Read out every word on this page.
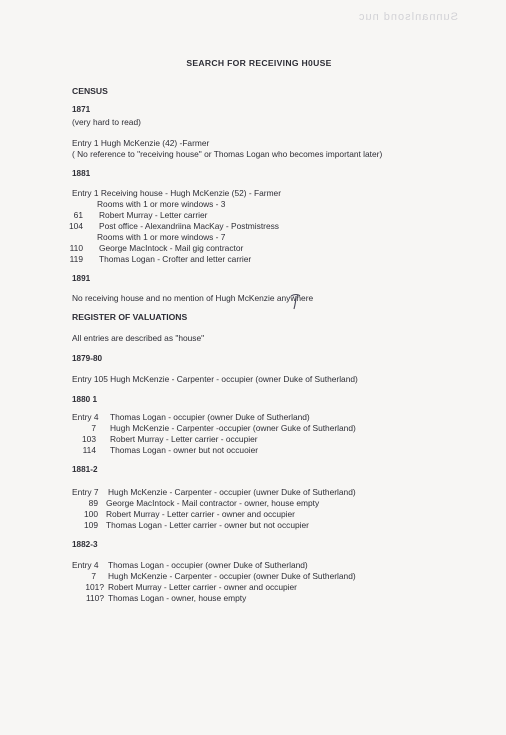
Sunnanlsond nuc
SEARCH FOR RECEIVING H0USE
CENSUS
1871
(very hard to read)
Entry 1 Hugh McKenzie (42) -Farmer
( No reference to "receiving house" or Thomas Logan who becomes important later)
1881
Entry 1 Receiving house - Hugh McKenzie (52) - Farmer
Rooms with 1 or more windows - 3
61 Robert Murray - Letter carrier
104 Post office - Alexandriina MacKay - Postmistress
Rooms with 1 or more windows - 7
110 George MacIntock - Mail gig contractor
119 Thomas Logan - Crofter and letter carrier
1891
No receiving house and no mention of Hugh McKenzie anywhere
REGISTER OF VALUATIONS
All entries are described as "house"
1879-80
Entry 105 Hugh McKenzie - Carpenter - occupier (owner Duke of Sutherland)
1880 1
Entry 4 Thomas Logan - occupier (owner Duke of Sutherland)
7 Hugh McKenzie - Carpenter -occupier (owner Guke of Sutherland)
103 Robert Murray - Letter carrier - occupier
114 Thomas Logan - owner but not occuoier
1881-2
Entry 7 Hugh McKenzie - Carpenter - occupier (uwner Duke of Sutherland)
89 George MacIntock - Mail contractor - owner, house empty
100 Robert Murray - Letter carrier - owner and occupier
109 Thomas Logan - Letter carrier - owner but not occupier
1882-3
Entry 4 Thomas Logan - occupier (owner Duke of Sutherland)
7 Hugh McKenzie - Carpenter - occupier (owner Duke of Sutherland)
101? Robert Murray - Letter carrier - owner and occupier
110? Thomas Logan - owner, house empty
